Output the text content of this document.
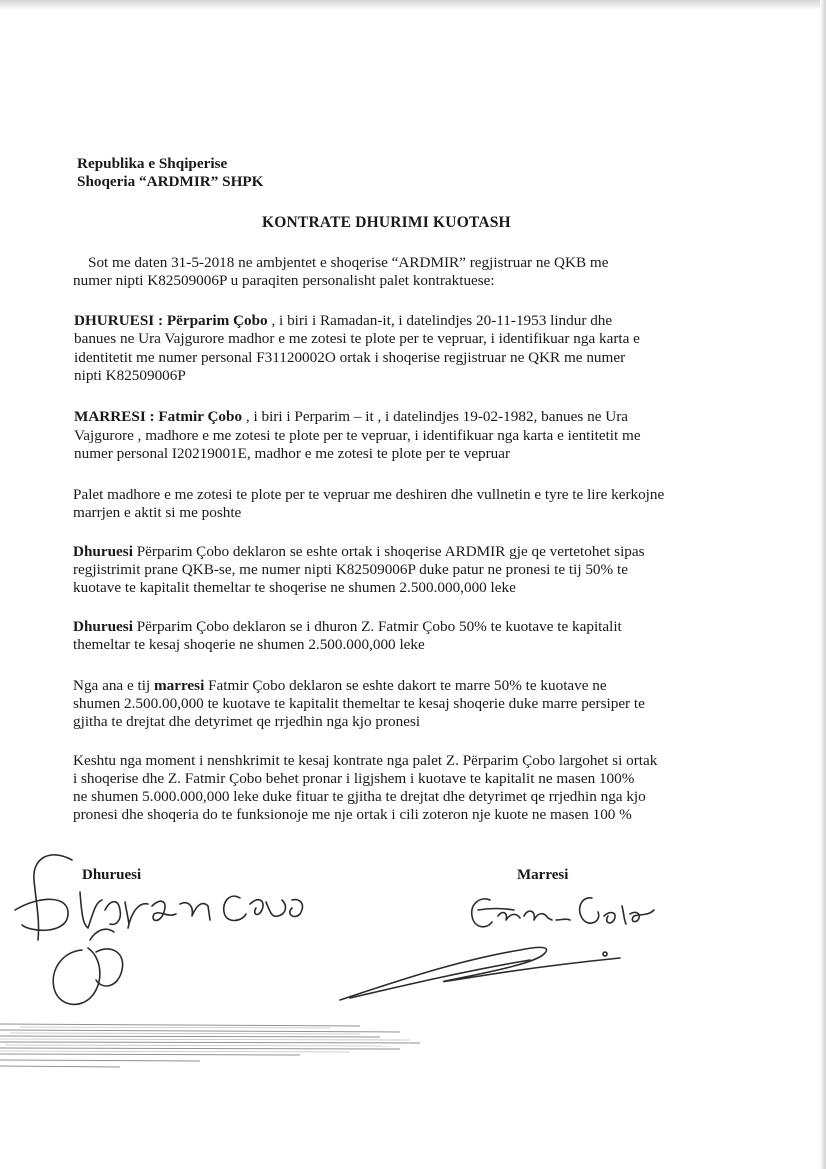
Republika e Shqiperise
Shoqeria “ARDMIR” SHPK
KONTRATE DHURIMI KUOTASH
Sot me daten 31-5-2018 ne ambjentet e shoqerise “ARDMIR” regjistruar ne QKB me
numer nipti K82509006P u paraqiten personalisht palet kontraktuese:
DHURUESI : Përparim Çobo , i biri i Ramadan-it, i datelindjes 20-11-1953 lindur dhe
banues ne Ura Vajgurore madhor e me zotesi te plote per te vepruar, i identifikuar nga karta e
identitetit me numer personal F31120002O ortak i shoqerise regjistruar ne QKR me numer
nipti K82509006P
MARRESI : Fatmir Çobo , i biri i Perparim – it , i datelindjes 19-02-1982, banues ne Ura
Vajgurore , madhore e me zotesi te plote per te vepruar, i identifikuar nga karta e ientitetit me
numer personal I20219001E, madhor e me zotesi te plote per te vepruar
Palet madhore e me zotesi te plote per te vepruar me deshiren dhe vullnetin e tyre te lire kerkojne
marrjen e aktit si me poshte
Dhuruesi Përparim Çobo deklaron se eshte ortak i shoqerise ARDMIR gje qe vertetohet sipas
regjistrimit prane QKB-se, me numer nipti K82509006P duke patur ne pronesi te tij 50% te
kuotave te kapitalit themeltar te shoqerise ne shumen 2.500.000,000 leke
Dhuruesi Përparim Çobo deklaron se i dhuron Z. Fatmir Çobo 50% te kuotave te kapitalit
themeltar te kesaj shoqerie ne shumen 2.500.000,000 leke
Nga ana e tij marresi Fatmir Çobo deklaron se eshte dakort te marre 50% te kuotave ne
shumen 2.500.00,000 te kuotave te kapitalit themeltar te kesaj shoqerie duke marre persiper te
gjitha te drejtat dhe detyrimet qe rrjedhin nga kjo pronesi
Keshtu nga moment i nenshkrimit te kesaj kontrate nga palet Z. Përparim Çobo largohet si ortak
i shoqerise dhe Z. Fatmir Çobo behet pronar i ligjshem i kuotave te kapitalit ne masen 100%
ne shumen 5.000.000,000 leke duke fituar te gjitha te drejtat dhe detyrimet qe rrjedhin nga kjo
pronesi dhe shoqeria do te funksionoje me nje ortak i cili zoteron nje kuote ne masen 100 %
Dhuruesi	Marresi
